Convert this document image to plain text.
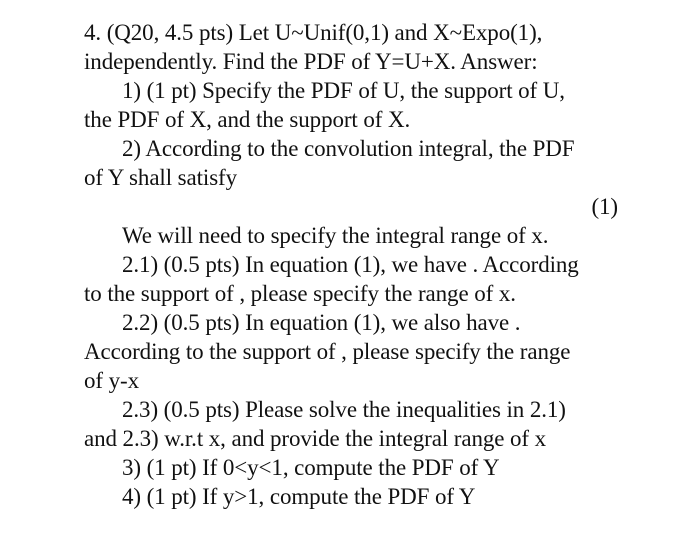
4. (Q20, 4.5 pts) Let U~Unif(0,1) and X~Expo(1),
independently. Find the PDF of Y=U+X. Answer:
1) (1 pt) Specify the PDF of U, the support of U,
the PDF of X, and the support of X.
2) According to the convolution integral, the PDF
of Y shall satisfy
(1)
We will need to specify the integral range of x.
2.1) (0.5 pts) In equation (1), we have . According
to the support of , please specify the range of x.
2.2) (0.5 pts) In equation (1), we also have .
According to the support of , please specify the range
of y-x
2.3) (0.5 pts) Please solve the inequalities in 2.1)
and 2.3) w.r.t x, and provide the integral range of x
3) (1 pt) If 0<y<1, compute the PDF of Y
4) (1 pt) If y>1, compute the PDF of Y
